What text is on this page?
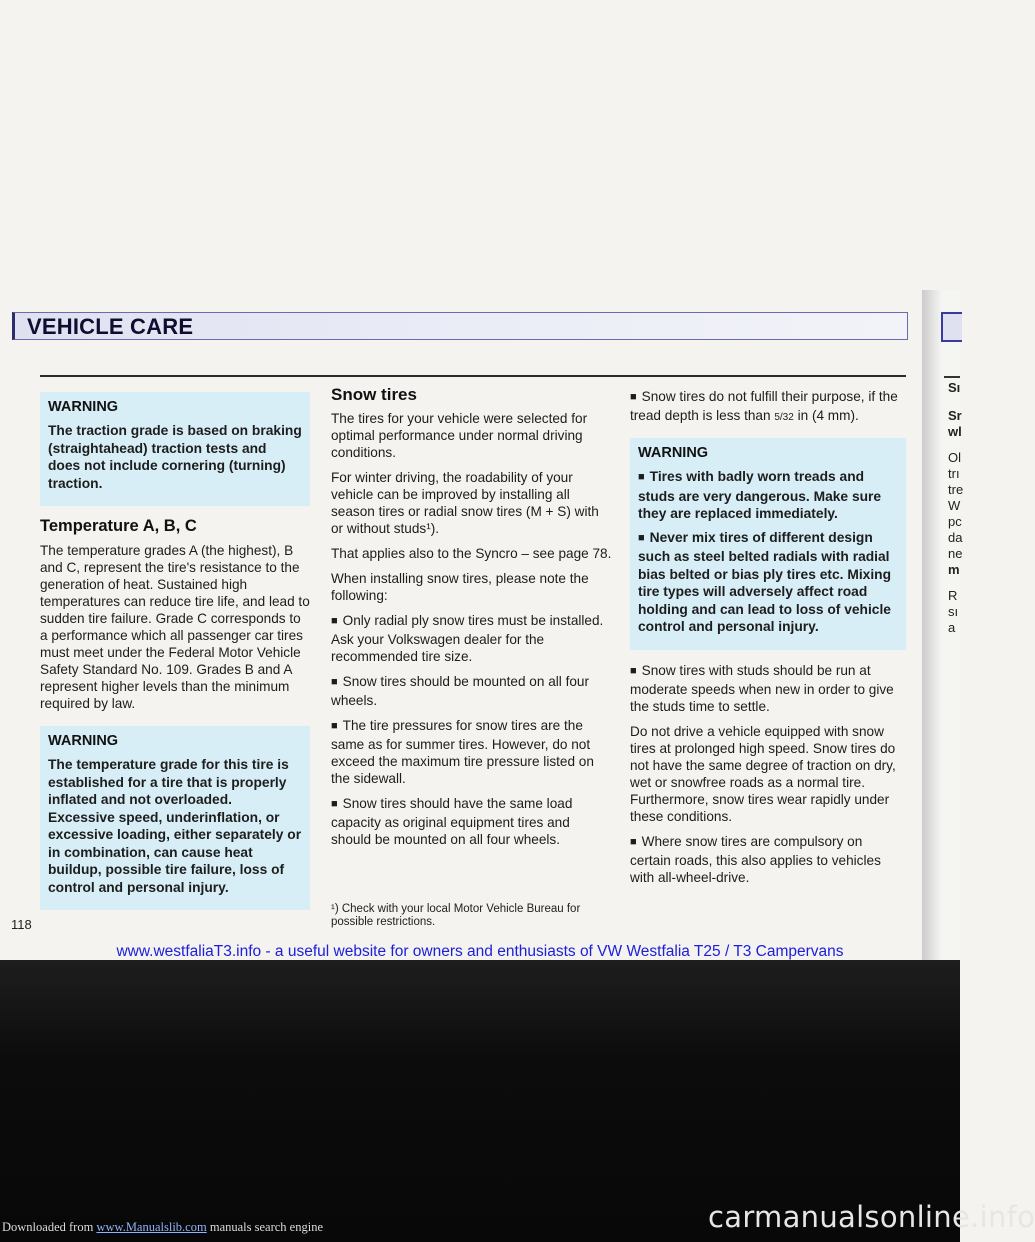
VEHICLE CARE
WARNING
The traction grade is based on braking (straightahead) traction tests and does not include cornering (turning) traction.
Temperature A, B, C

The temperature grades A (the highest), B and C, represent the tire's resistance to the generation of heat. Sustained high temperatures can reduce tire life, and lead to sudden tire failure. Grade C corresponds to a performance which all passenger car tires must meet under the Federal Motor Vehicle Safety Standard No. 109. Grades B and A represent higher levels than the minimum required by law.

WARNING
The temperature grade for this tire is established for a tire that is properly inflated and not overloaded. Excessive speed, underinflation, or excessive loading, either separately or in combination, can cause heat buildup, possible tire failure, loss of control and personal injury.
Snow tires

The tires for your vehicle were selected for optimal performance under normal driving conditions.

For winter driving, the roadability of your vehicle can be improved by installing all season tires or radial snow tires (M + S) with or without studs¹).

That applies also to the Syncro – see page 78.

When installing snow tires, please note the following:

■ Only radial ply snow tires must be installed. Ask your Volkswagen dealer for the recommended tire size.

■ Snow tires should be mounted on all four wheels.

■ The tire pressures for snow tires are the same as for summer tires. However, do not exceed the maximum tire pressure listed on the sidewall.

■ Snow tires should have the same load capacity as original equipment tires and should be mounted on all four wheels.

■ Snow tires do not fulfill their purpose, if the tread depth is less than 5/32 in (4 mm).

WARNING
■ Tires with badly worn treads and studs are very dangerous. Make sure they are replaced immediately.
■ Never mix tires of different design such as steel belted radials with radial bias belted or bias ply tires etc. Mixing tire types will adversely affect road holding and can lead to loss of vehicle control and personal injury.

■ Snow tires with studs should be run at moderate speeds when new in order to give the studs time to settle.

Do not drive a vehicle equipped with snow tires at prolonged high speed. Snow tires do not have the same degree of traction on dry, wet or snowfree roads as a normal tire. Furthermore, snow tires wear rapidly under these conditions.

■ Where snow tires are compulsory on certain roads, this also applies to vehicles with all-wheel-drive.

118
¹) Check with your local Motor Vehicle Bureau for possible restrictions.
Sı
Sr
wl
Ol
trı
tre
W
pc
da
ne
m
R
sı
a
www.westfaliaT3.info - a useful website for owners and enthusiasts of VW Westfalia T25 / T3 Campervans
carmanualsonline.info
Downloaded from www.Manualslib.com manuals search engine
